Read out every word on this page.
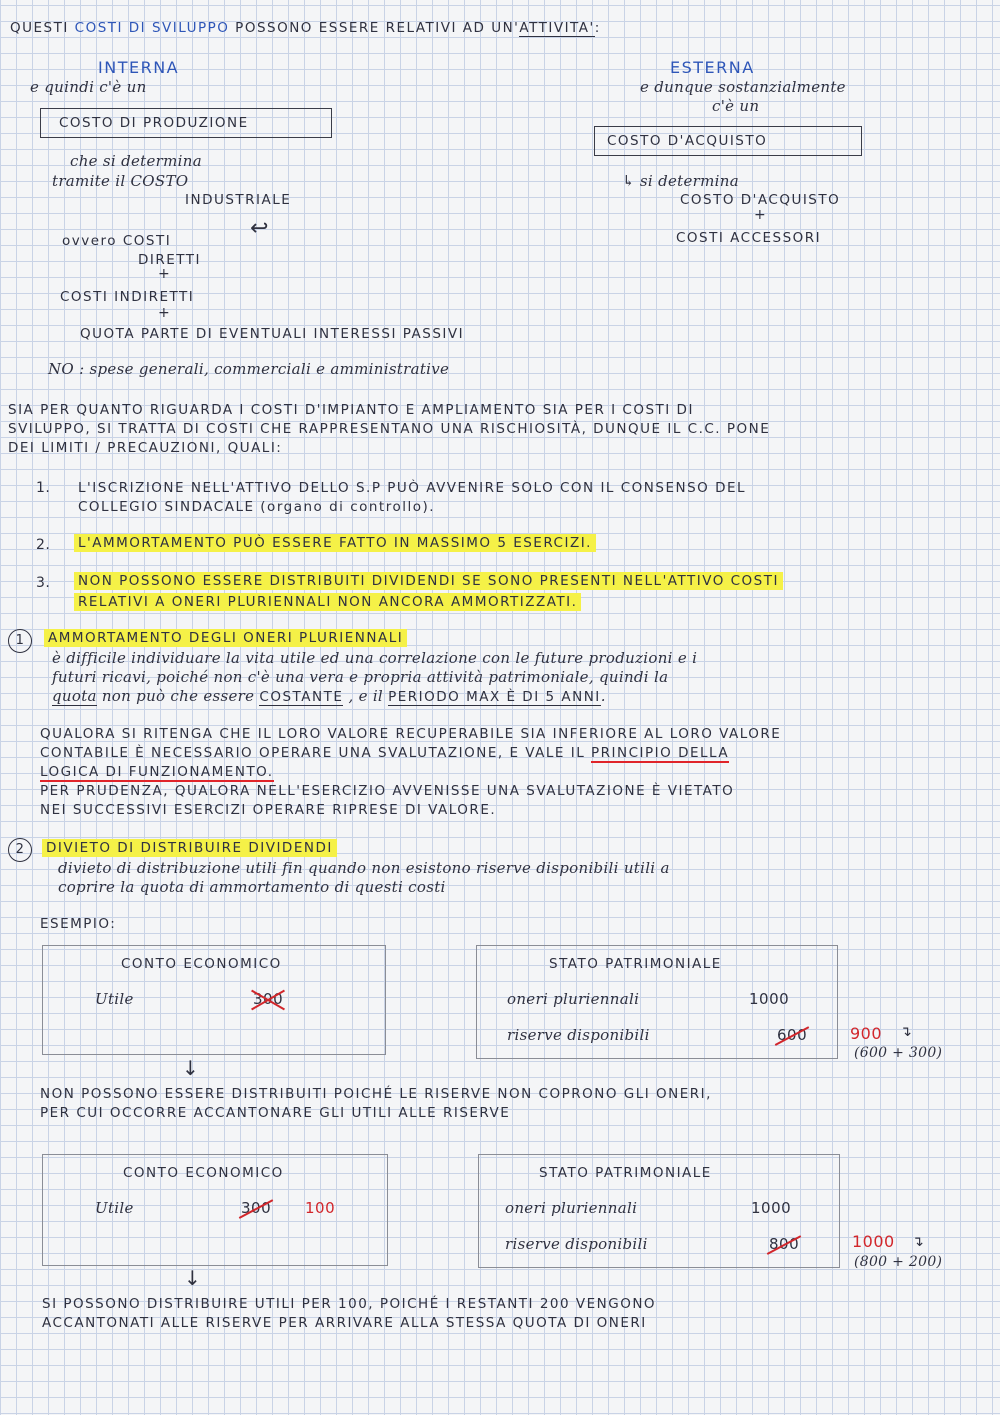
QUESTI COSTI DI SVILUPPO POSSONO ESSERE RELATIVI AD UN'ATTIVITA':
INTERNA
e quindi c'è un
COSTO DI PRODUZIONE
che si determina
tramite il COSTO
INDUSTRIALE
↩
ovvero COSTI
DIRETTI
+
COSTI INDIRETTI
+
QUOTA PARTE DI EVENTUALI INTERESSI PASSIVI
ESTERNA
e dunque sostanzialmente
c'è un
COSTO D'ACQUISTO
↳ si determina
COSTO D'ACQUISTO
+
COSTI ACCESSORI
NO : spese generali, commerciali e amministrative
SIA PER QUANTO RIGUARDA I COSTI D'IMPIANTO E AMPLIAMENTO SIA PER I COSTI DI
SVILUPPO, SI TRATTA DI COSTI CHE RAPPRESENTANO UNA RISCHIOSITÀ, DUNQUE IL C.C. PONE
DEI LIMITI / PRECAUZIONI, QUALI:
1. L'ISCRIZIONE NELL'ATTIVO DELLO S.P PUÒ AVVENIRE SOLO CON IL CONSENSO DEL
COLLEGIO SINDACALE (organo di controllo).
2. L'AMMORTAMENTO PUÒ ESSERE FATTO IN MASSIMO 5 ESERCIZI.
3. NON POSSONO ESSERE DISTRIBUITI DIVIDENDI SE SONO PRESENTI NELL'ATTIVO COSTI
RELATIVI A ONERI PLURIENNALI NON ANCORA AMMORTIZZATI.
1	AMMORTAMENTO DEGLI ONERI PLURIENNALI
è difficile individuare la vita utile ed una correlazione con le future produzioni e i
futuri ricavi, poiché non c'è una vera e propria attività patrimoniale, quindi la
quota non può che essere COSTANTE , e il PERIODO MAX È DI 5 ANNI.
QUALORA SI RITENGA CHE IL LORO VALORE RECUPERABILE SIA INFERIORE AL LORO VALORE
CONTABILE È NECESSARIO OPERARE UNA SVALUTAZIONE, E VALE IL PRINCIPIO DELLA
LOGICA DI FUNZIONAMENTO.
PER PRUDENZA, QUALORA NELL'ESERCIZIO AVVENISSE UNA SVALUTAZIONE È VIETATO
NEI SUCCESSIVI ESERCIZI OPERARE RIPRESE DI VALORE.
2	DIVIETO DI DISTRIBUIRE DIVIDENDI
divieto di distribuzione utili fin quando non esistono riserve disponibili utili a
coprire la quota di ammortamento di questi costi
ESEMPIO:
CONTO ECONOMICO
Utile	300
STATO PATRIMONIALE
oneri pluriennali	1000
riserve disponibili	600	900 ↴
(600 + 300)
↓
NON POSSONO ESSERE DISTRIBUITI POICHÉ LE RISERVE NON COPRONO GLI ONERI,
PER CUI OCCORRE ACCANTONARE GLI UTILI ALLE RISERVE
CONTO ECONOMICO
Utile	300 100
STATO PATRIMONIALE
oneri pluriennali	1000
riserve disponibili	800	1000 ↴
(800 + 200)
↓
SI POSSONO DISTRIBUIRE UTILI PER 100, POICHÉ I RESTANTI 200 VENGONO
ACCANTONATI ALLE RISERVE PER ARRIVARE ALLA STESSA QUOTA DI ONERI
